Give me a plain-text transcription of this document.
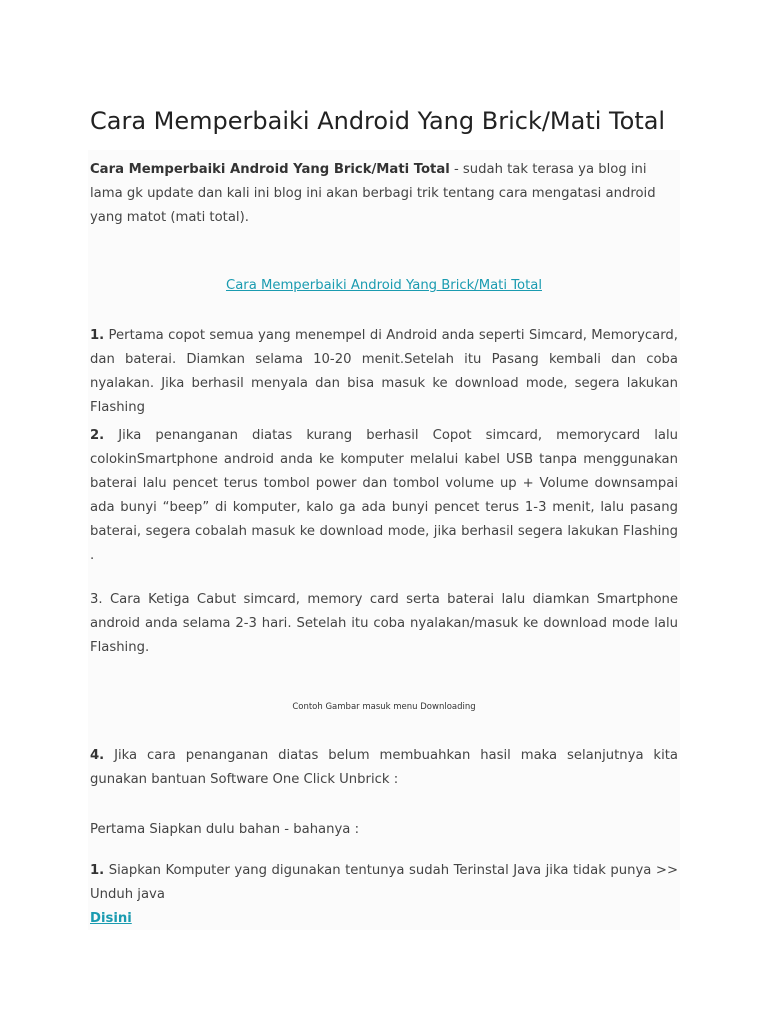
Cara Memperbaiki Android Yang Brick/Mati Total

Cara Memperbaiki Android Yang Brick/Mati Total - sudah tak terasa ya blog ini lama gk update dan kali ini blog ini akan berbagi trik tentang cara mengatasi android yang matot (mati total).

Cara Memperbaiki Android Yang Brick/Mati Total

1. Pertama copot semua yang menempel di Android anda seperti Simcard, Memorycard, dan baterai. Diamkan selama 10-20 menit.Setelah itu Pasang kembali dan coba nyalakan. Jika berhasil menyala dan bisa masuk ke download mode, segera lakukan Flashing

2. Jika penanganan diatas kurang berhasil Copot simcard, memorycard lalu colokinSmartphone android anda ke komputer melalui kabel USB tanpa menggunakan baterai lalu pencet terus tombol power dan tombol volume up + Volume downsampai ada bunyi “beep” di komputer, kalo ga ada bunyi pencet terus 1-3 menit, lalu pasang baterai, segera cobalah masuk ke download mode, jika berhasil segera lakukan Flashing .

3. Cara Ketiga Cabut simcard, memory card serta baterai lalu diamkan Smartphone android anda selama 2-3 hari. Setelah itu coba nyalakan/masuk ke download mode lalu Flashing.

Contoh Gambar masuk menu Downloading

4. Jika cara penanganan diatas belum membuahkan hasil maka selanjutnya kita gunakan bantuan Software One Click Unbrick :

Pertama Siapkan dulu bahan - bahanya :

1. Siapkan Komputer yang digunakan tentunya sudah Terinstal Java jika tidak punya >> Unduh java

Disini
